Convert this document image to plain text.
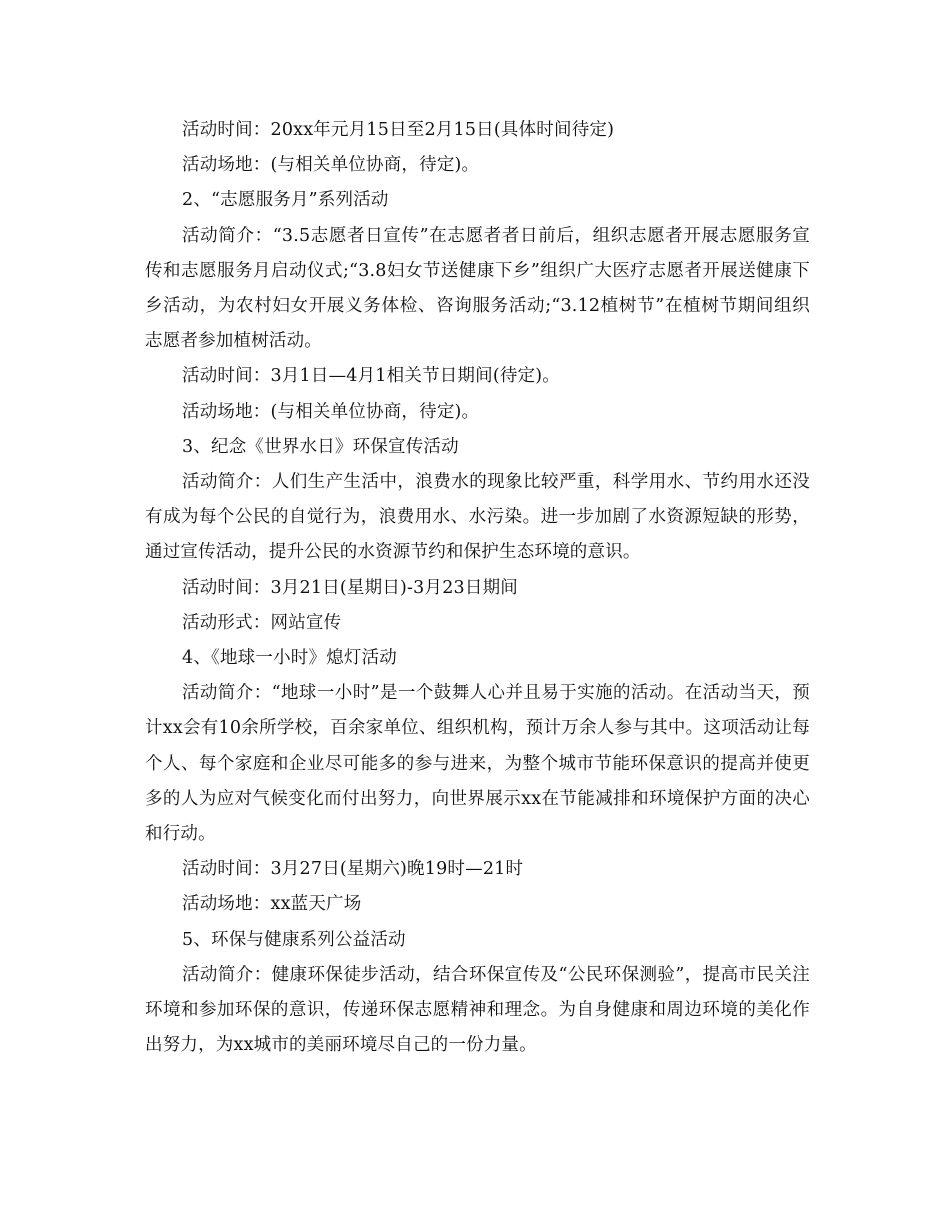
活动时间：20xx年元月15日至2月15日(具体时间待定)

活动场地：(与相关单位协商，待定)。

2、“志愿服务月”系列活动

活动简介：“3.5志愿者日宣传”在志愿者者日前后，组织志愿者开展志愿服务宣传和志愿服务月启动仪式;“3.8妇女节送健康下乡”组织广大医疗志愿者开展送健康下乡活动，为农村妇女开展义务体检、咨询服务活动;“3.12植树节”在植树节期间组织志愿者参加植树活动。

活动时间：3月1日—4月1相关节日期间(待定)。

活动场地：(与相关单位协商，待定)。

3、纪念《世界水日》环保宣传活动

活动简介：人们生产生活中，浪费水的现象比较严重，科学用水、节约用水还没有成为每个公民的自觉行为，浪费用水、水污染。进一步加剧了水资源短缺的形势，通过宣传活动，提升公民的水资源节约和保护生态环境的意识。

活动时间：3月21日(星期日)-3月23日期间

活动形式：网站宣传

4、《地球一小时》熄灯活动

活动简介：“地球一小时”是一个鼓舞人心并且易于实施的活动。在活动当天，预计xx会有10余所学校，百余家单位、组织机构，预计万余人参与其中。这项活动让每个人、每个家庭和企业尽可能多的参与进来，为整个城市节能环保意识的提高并使更多的人为应对气候变化而付出努力，向世界展示xx在节能减排和环境保护方面的决心和行动。

活动时间：3月27日(星期六)晚19时—21时

活动场地：xx蓝天广场

5、环保与健康系列公益活动

活动简介：健康环保徒步活动，结合环保宣传及“公民环保测验”，提高市民关注环境和参加环保的意识，传递环保志愿精神和理念。为自身健康和周边环境的美化作出努力，为xx城市的美丽环境尽自己的一份力量。
